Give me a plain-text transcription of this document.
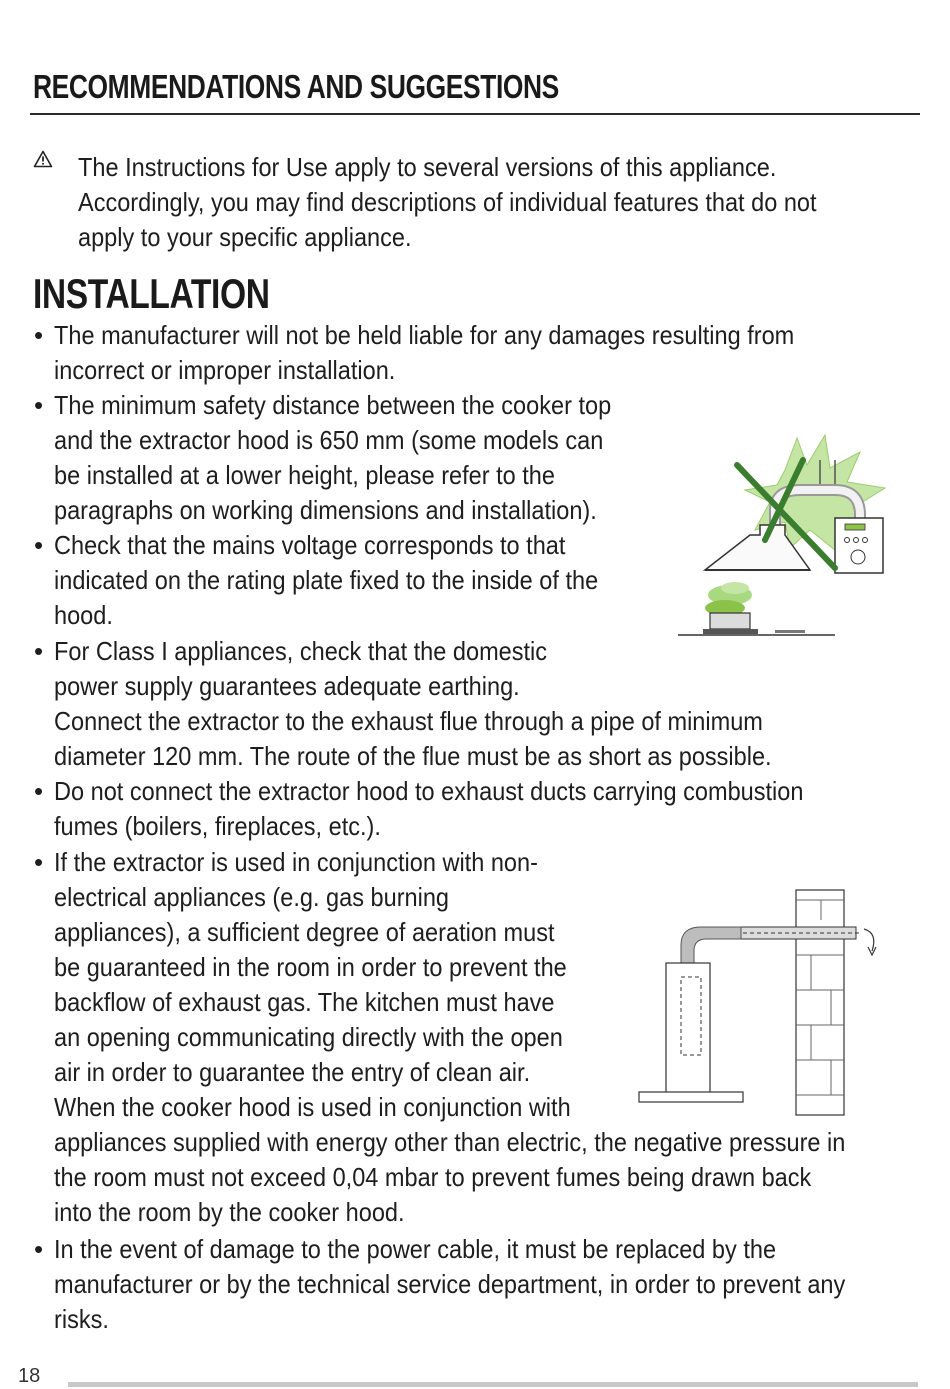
RECOMMENDATIONS AND SUGGESTIONS
The Instructions for Use apply to several versions of this appliance.
Accordingly, you may find descriptions of individual features that do not
apply to your specific appliance.
INSTALLATION
• The manufacturer will not be held liable for any damages resulting from
incorrect or improper installation.
• The minimum safety distance between the cooker top
and the extractor hood is 650 mm (some models can
be installed at a lower height, please refer to the
paragraphs on working dimensions and installation).
• Check that the mains voltage corresponds to that
indicated on the rating plate fixed to the inside of the
hood.
• For Class I appliances, check that the domestic
power supply guarantees adequate earthing.
Connect the extractor to the exhaust flue through a pipe of minimum
diameter 120 mm. The route of the flue must be as short as possible.
• Do not connect the extractor hood to exhaust ducts carrying combustion
fumes (boilers, fireplaces, etc.).
• If the extractor is used in conjunction with non-
electrical appliances (e.g. gas burning
appliances), a sufficient degree of aeration must
be guaranteed in the room in order to prevent the
backflow of exhaust gas. The kitchen must have
an opening communicating directly with the open
air in order to guarantee the entry of clean air.
When the cooker hood is used in conjunction with
appliances supplied with energy other than electric, the negative pressure in
the room must not exceed 0,04 mbar to prevent fumes being drawn back
into the room by the cooker hood.
• In the event of damage to the power cable, it must be replaced by the
manufacturer or by the technical service department, in order to prevent any
risks.
18
